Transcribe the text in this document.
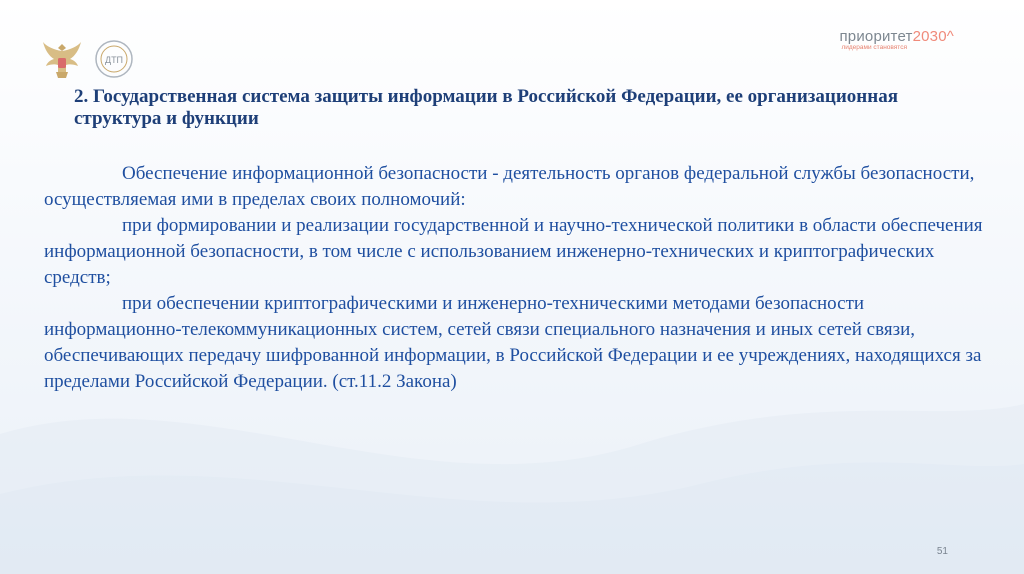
ДТП
приоритет2030^
лидерами становятся
2. Государственная система защиты информации в Российской Федерации, ее организационная структура и функции

Обеспечение информационной безопасности - деятельность органов федеральной службы безопасности, осуществляемая ими в пределах своих полномочий:

при формировании и реализации государственной и научно-технической политики в области обеспечения информационной безопасности, в том числе с использованием инженерно-технических и криптографических средств;

при обеспечении криптографическими и инженерно-техническими методами безопасности информационно-телекоммуникационных систем, сетей связи специального назначения и иных сетей связи, обеспечивающих передачу шифрованной информации, в Российской Федерации и ее учреждениях, находящихся за пределами Российской Федерации. (ст.11.2 Закона)

51
